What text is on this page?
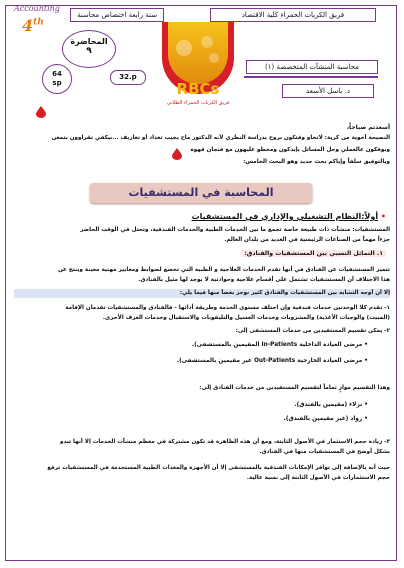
Accounting
4th
سنة رابعة اختصاص محاسبة	فريق الكريات الحمراء كلية الاقتصاد
المحاضرة
٩
64
sp
32.p
RBCs
فريق الكريات الحمراء الطلابي
محاسبة المنشآت المتخصصة (١)
د. باسل الأسعد
أسعدتم صباحاً،
النصيحة أخوية من كرية: لاتخاو وفتكون بروح بدراسة النظري لأنه الدكتور ماح يجيب تعداد أو تعاريف ...بيكفي تقراوون بتمعن
وبوفكون عالعملي وحل المسائل بإيدكون ومخطو عليهون مع فنجان قهوة
وبالتوفيق سلفاً وإياكم بحث جديد وهو البحث الخامس:
المحاسبة في المستشفيات
• أولاً:النظام التشغيلي والإداري في المستشفيات
المستشفيات: منشآت ذات طبيعة خاصة تجمع ما بين الخدمات الطبية والخدمات الفندقية، وتحتل في الوقت الحاضر
جزءاً مهماً من الصناعات الرئيسية في العديد من بلدان العالم.
١. التماثل النسبي بين المستشفيات والفنادق:
تتميز المستشفيات عن الفنادق في أنها تقدم الخدمات العلاجية و الطبية التي تخضع لضوابط ومعايير مهنية معينة وينتج عن
هذا الاختلاف أن المستشفيات تشتمل على أقسام علاجية وحوادثية لا يوجد لها مثيل بالفنادق.
إلا أن أوجه التشابه بين المستشفيات والفنادق كثير نوجز بعضاً منها فيما يلي:
١- تقدم كلا الوحدتين خدمات فندقية وإن اختلف مستوى الخدمة وطريقة أدائها - فالفنادق والمستشفيات تقدمان الإقامة
(المبيت) والوجبات الأغذية) والمشروبات وخدمات الغسيل والتليفونات والاستقبال وخدمات الغرف الأخرى.
٢- يمكن تقسيم المستفيدين من خدمات المستشفى إلى:
• مرضى العيادة الداخلية In-Patients المقيمين بالمستشفى).
• مرضى العيادة الخارجية Out-Patients غير مقيمين بالمستشفى).
وهذا التقسيم موازٍ تماماً لتقسيم المستفيدين من خدمات الفنادق إلى:
• نزلاء (مقيمين بالفندق).
• رواد (غير مقيمين بالفندق).
٣- زيادة حجم الاستثمار في الأصول الثابتة، ومع أن هذه الظاهرة قد تكون مشتركة في معظم منشآت الخدمات إلا أنها تبدو
بشكل أوضح في المستشفيات منها في الفنادق.
حيث أنه بالإضافة إلى توافر الإمكانات الفندقية بالمستشفى إلا أن الأجهزة والمعدات الطبية المستخدمة في المستشفيات ترفع
حجم الاستثمارات في الأصول الثابتة إلى نسبة عالية.
